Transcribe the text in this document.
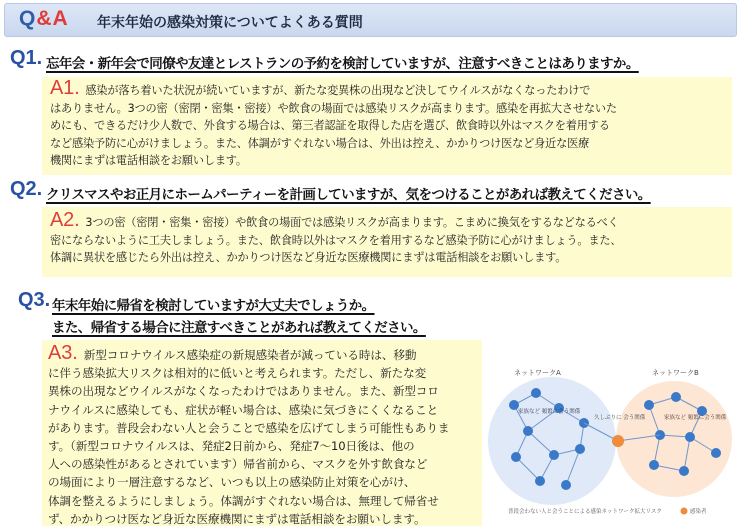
Q&A 年末年始の感染対策についてよくある質問
Q1. 忘年会・新年会で同僚や友達とレストランの予約を検討していますが、注意すべきことはありますか。
A1. 感染が落ち着いた状況が続いていますが、新たな変異株の出現など決してウイルスがなくなったわけで
はありません。3つの密（密閉・密集・密接）や飲食の場面では感染リスクが高まります。感染を再拡大させないた
めにも、できるだけ少人数で、外食する場合は、第三者認証を取得した店を選び、飲食時以外はマスクを着用する
など感染予防に心がけましょう。また、体調がすぐれない場合は、外出は控え、かかりつけ医など身近な医療
機関にまずは電話相談をお願いします。
Q2. クリスマスやお正月にホームパーティーを計画していますが、気をつけることがあれば教えてください。
A2. 3つの密（密閉・密集・密接）や飲食の場面では感染リスクが高まります。こまめに換気をするなどなるべく
密にならないように工夫しましょう。また、飲食時以外はマスクを着用するなど感染予防に心がけましょう。また、
体調に異状を感じたら外出は控え、かかりつけ医など身近な医療機関にまずは電話相談をお願いします。
Q3. 年末年始に帰省を検討していますが大丈夫でしょうか。
また、帰省する場合に注意すべきことがあれば教えてください。
A3. 新型コロナウイルス感染症の新規感染者が減っている時は、移動
に伴う感染拡大リスクは相対的に低いと考えられます。ただし、新たな変
異株の出現などウイルスがなくなったわけではありません。また、新型コロ
ナウイルスに感染しても、症状が軽い場合は、感染に気づきにくくなること
があります。普段会わない人と会うことで感染を広げてしまう可能性もありま
す。（新型コロナウイルスは、発症2日前から、発症7～10日後は、他の
人への感染性があるとされています）帰省前から、マスクを外す飲食など
の場面により一層注意するなど、いつも以上の感染防止対策を心がけ、
体調を整えるようにしましょう。体調がすぐれない場合は、無理して帰省せ
ず、かかりつけ医など身近な医療機関にまずは電話相談をお願いします。
ネットワークA	ネットワークB
家族など 頻繁に会う関係
家族など 頻繁に会う関係
久しぶりに 会う関係
普段会わない人と会うことによる感染ネットワーク拡大リスク	感染者
